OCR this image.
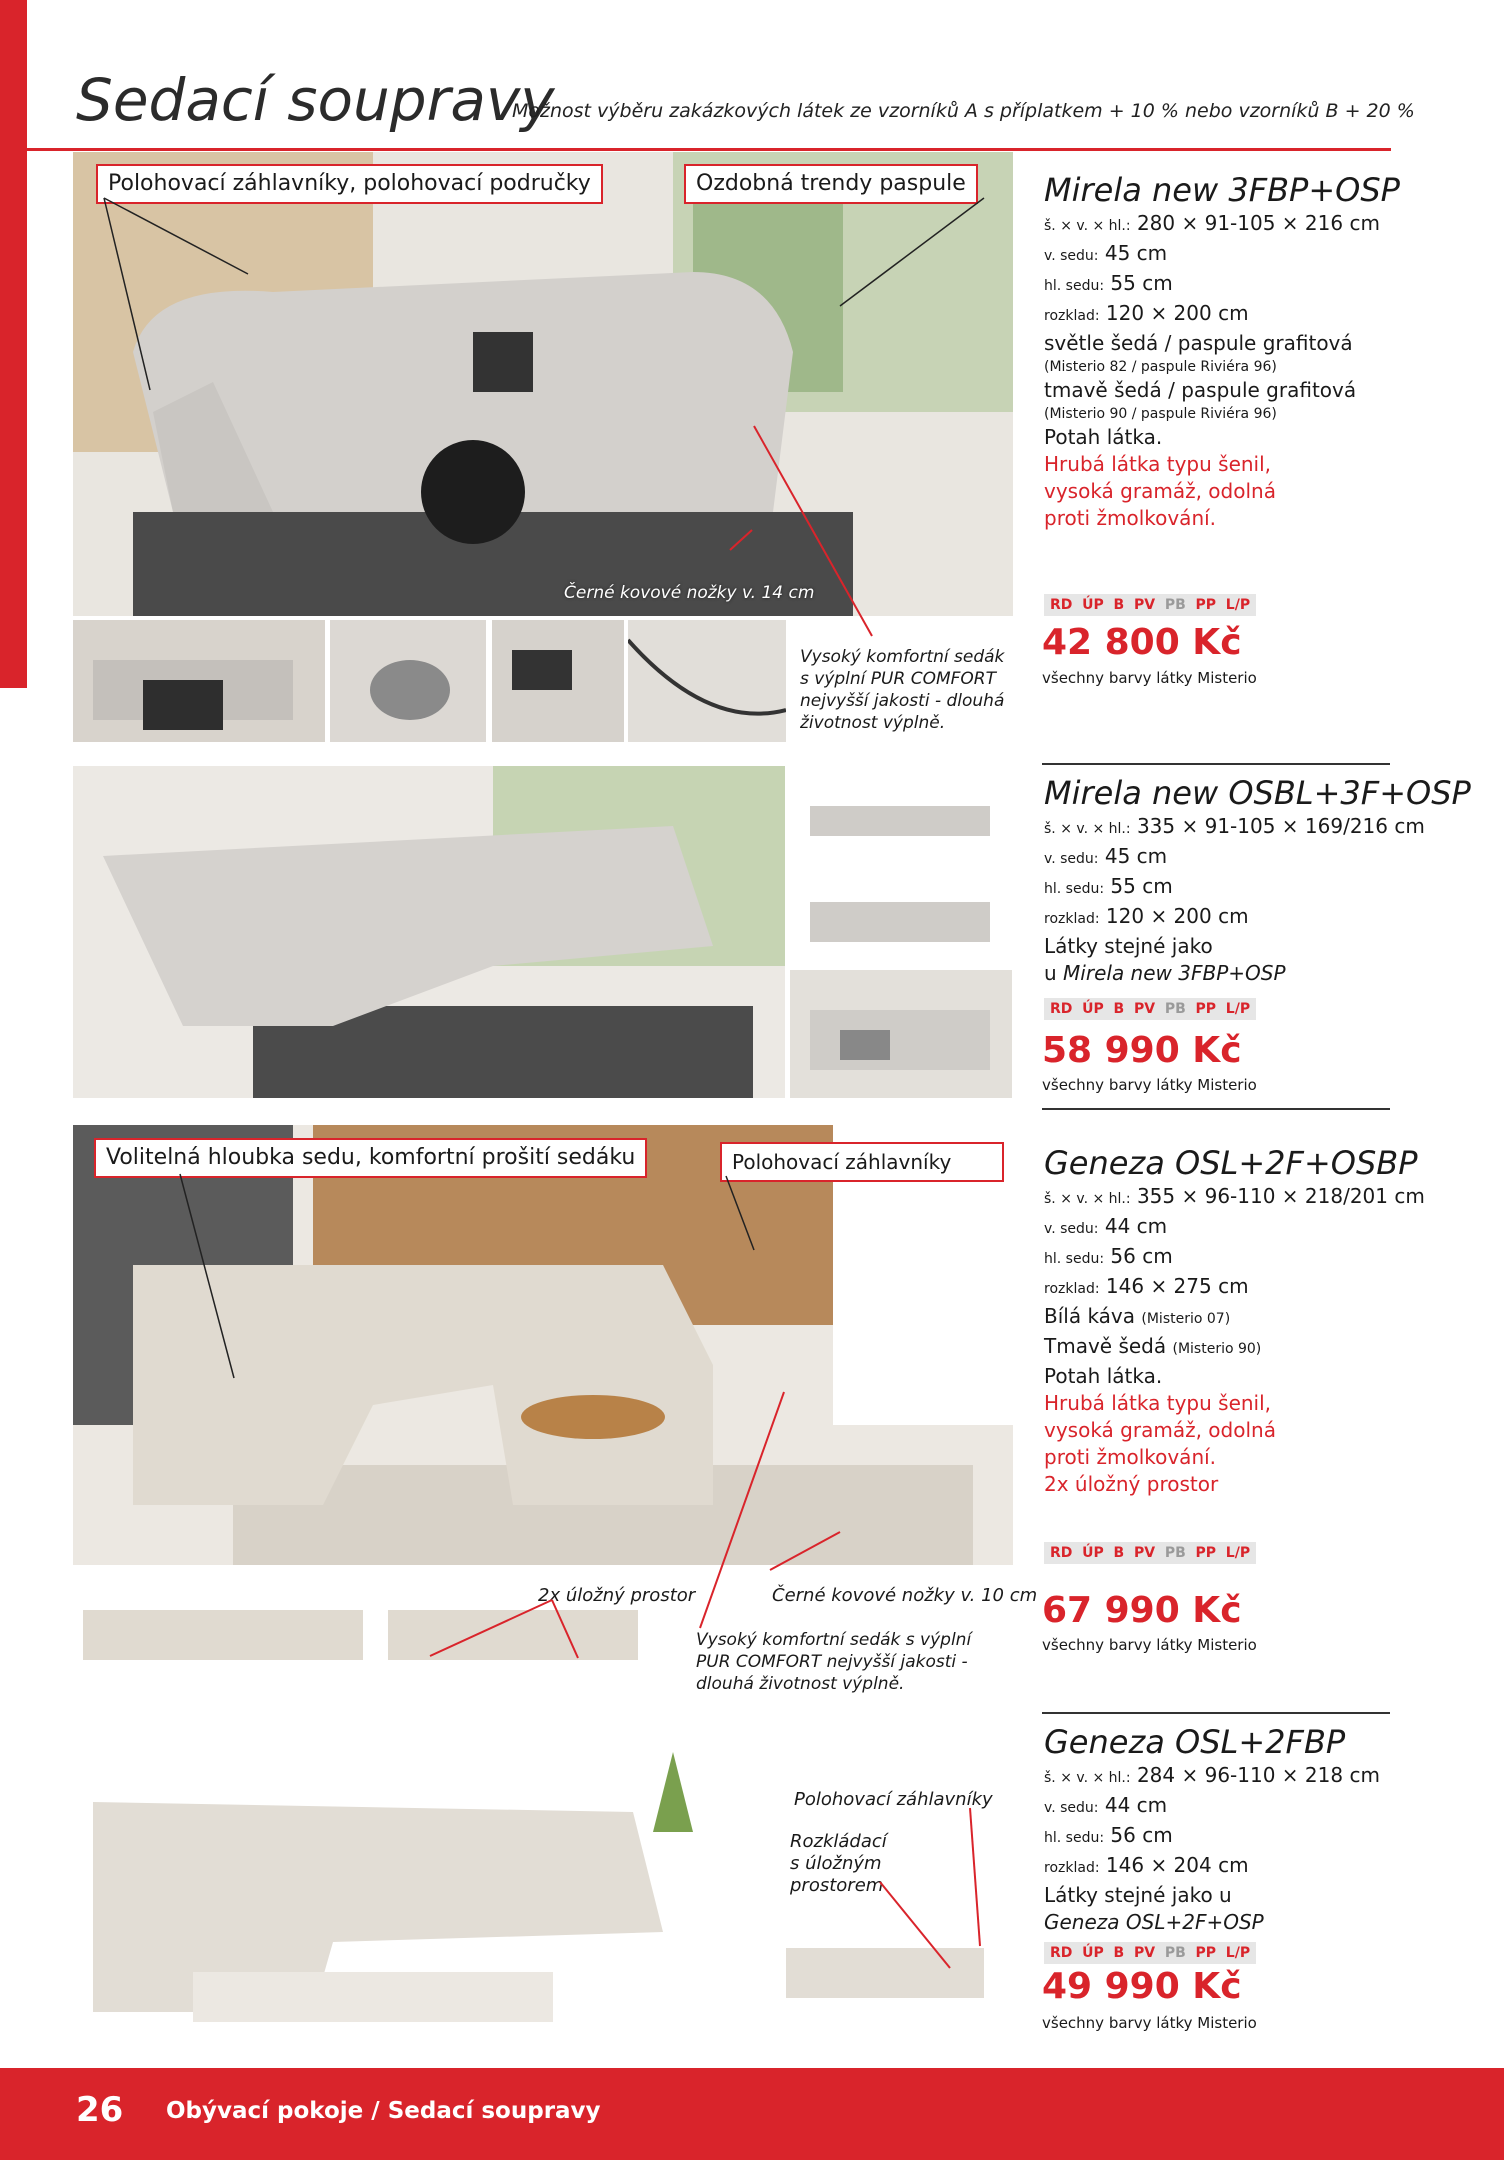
Sedací soupravy
Možnost výběru zakázkových látek ze vzorníků A s příplatkem + 10 % nebo vzorníků B + 20 %
Polohovací záhlavníky, polohovací područky	Ozdobná trendy paspule
Černé kovové nožky v. 14 cm
Vysoký komfortní sedák
s výplní PUR COMFORT
nejvyšší jakosti - dlouhá
životnost výplně.
Mirela new 3FBP+OSP
š. × v. × hl.: 280 × 91-105 × 216 cm
v. sedu: 45 cm
hl. sedu: 55 cm
rozklad: 120 × 200 cm
světle šedá / paspule grafitová
(Misterio 82 / paspule Riviéra 96)
tmavě šedá / paspule grafitová
(Misterio 90 / paspule Riviéra 96)
Potah látka.
Hrubá látka typu šenil,
vysoká gramáž, odolná
proti žmolkování.
RD ÚP B PV PB PP L/P
42 800 Kč
všechny barvy látky Misterio
Mirela new OSBL+3F+OSP
š. × v. × hl.: 335 × 91-105 × 169/216 cm
v. sedu: 45 cm
hl. sedu: 55 cm
rozklad: 120 × 200 cm
Látky stejné jako
u Mirela new 3FBP+OSP
RD ÚP B PV PB PP L/P
58 990 Kč
všechny barvy látky Misterio
Volitelná hloubka sedu, komfortní prošití sedáku	Polohovací záhlavníky
2x úložný prostor	Černé kovové nožky v. 10 cm
Vysoký komfortní sedák s výplní
PUR COMFORT nejvyšší jakosti -
dlouhá životnost výplně.
Geneza OSL+2F+OSBP
š. × v. × hl.: 355 × 96-110 × 218/201 cm
v. sedu: 44 cm
hl. sedu: 56 cm
rozklad: 146 × 275 cm
Bílá káva (Misterio 07)
Tmavě šedá (Misterio 90)
Potah látka.
Hrubá látka typu šenil,
vysoká gramáž, odolná
proti žmolkování.
2x úložný prostor
RD ÚP B PV PB PP L/P
67 990 Kč
všechny barvy látky Misterio
Polohovací záhlavníky
Rozkládací
s úložným
prostorem
Geneza OSL+2FBP
š. × v. × hl.: 284 × 96-110 × 218 cm
v. sedu: 44 cm
hl. sedu: 56 cm
rozklad: 146 × 204 cm
Látky stejné jako u
Geneza OSL+2F+OSP
RD ÚP B PV PB PP L/P
49 990 Kč
všechny barvy látky Misterio
26 Obývací pokoje / Sedací soupravy
